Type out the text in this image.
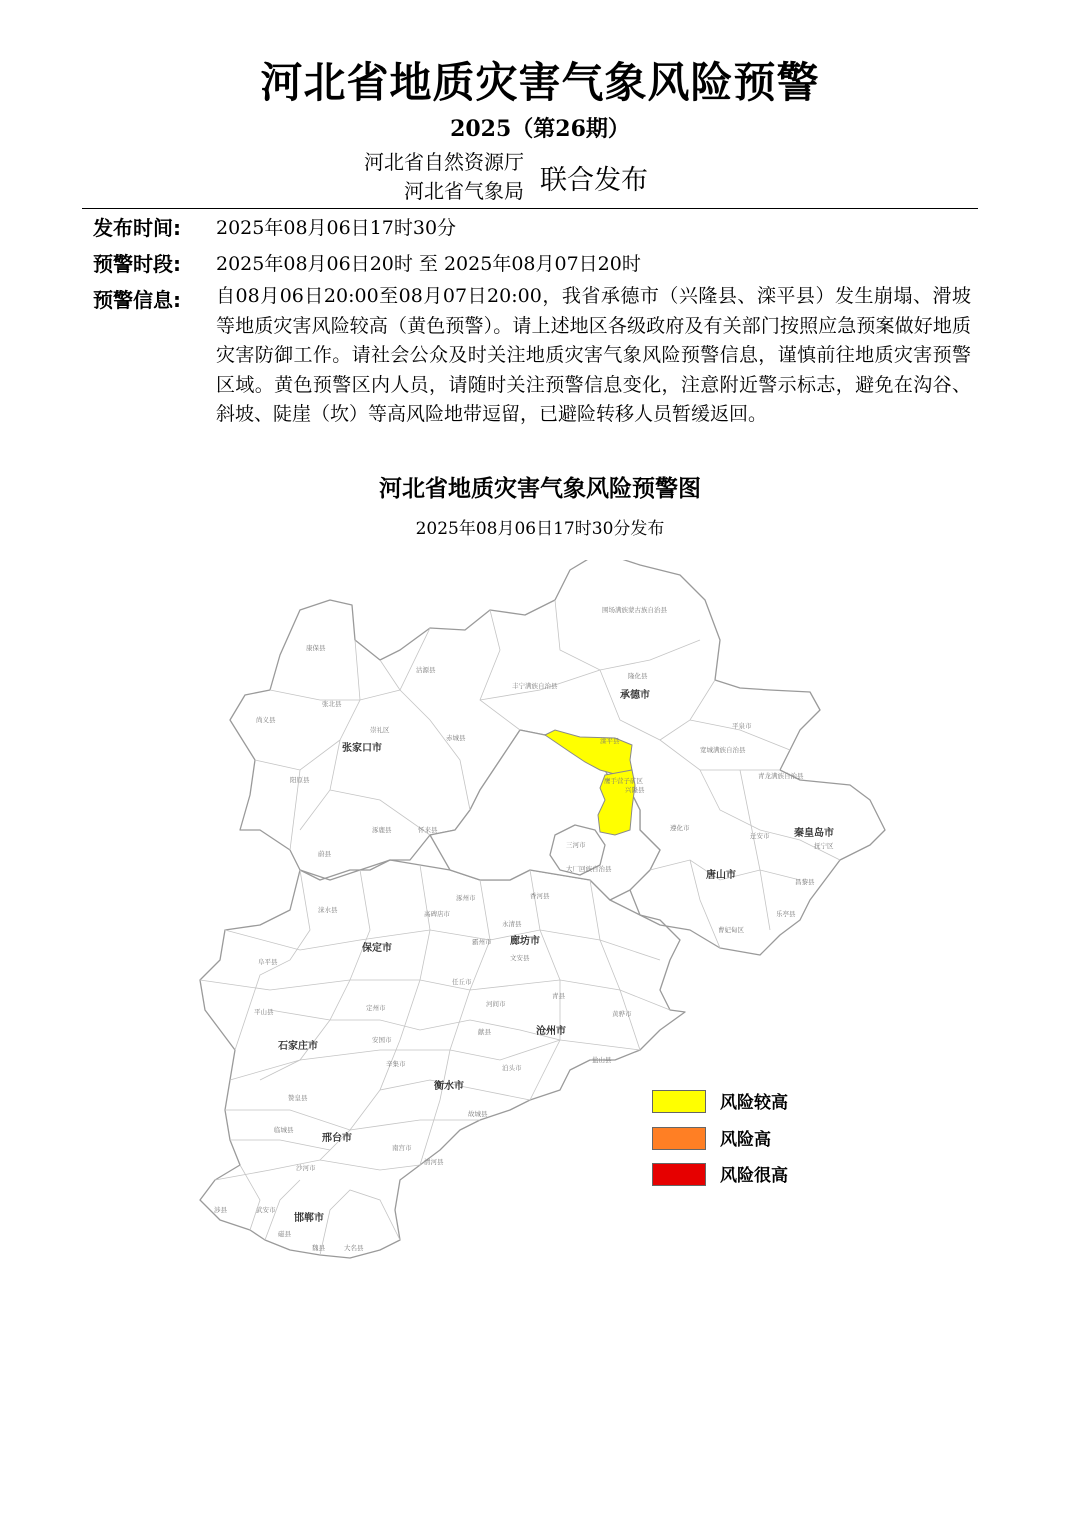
河北省地质灾害气象风险预警
2025（第26期）
河北省自然资源厅
河北省气象局 联合发布
发布时间: 2025年08月06日17时30分
预警时段: 2025年08月06日20时 至 2025年08月07日20时
预警信息: 自08月06日20:00至08月07日20:00，我省承德市（兴隆县、滦平县）发生崩塌、滑坡等地质灾害风险较高（黄色预警）。请上述地区各级政府及有关部门按照应急预案做好地质灾害防御工作。请社会公众及时关注地质灾害气象风险预警信息，谨慎前往地质灾害预警区域。黄色预警区内人员，请随时关注预警信息变化，注意附近警示标志，避免在沟谷、斜坡、陡崖（坎）等高风险地带逗留，已避险转移人员暂缓返回。
河北省地质灾害气象风险预警图
2025年08月06日17时30分发布
张家口市
承德市
秦皇岛市
唐山市
保定市
廊坊市
沧州市
石家庄市
衡水市
邢台市
邯郸市
滦平县
兴隆县
鹰手营子矿区
围场满族蒙古族自治县
丰宁满族自治县
隆化县
宽城满族自治县
青龙满族自治县
平泉市
三河市
大厂回族自治县
香河县
康保县
沽源县
尚义县
张北县
崇礼区
赤城县
怀来县
涿鹿县
阳原县
蔚县
涞水县
涿州市
霸州市
任丘市
黄骅市
定州市
辛集市
南宫市
沙河市
武安市
涉县
磁县
大名县
魏县
遵化市
迁安市
乐亭县
曹妃甸区
昌黎县
抚宁区
平山县
阜平县
赞皇县
河间市
献县
泊头市
盐山县
青县
故城县
清河县
文安县
永清县
高碑店市
安国市
临城县
风险较高
风险高
风险很高
